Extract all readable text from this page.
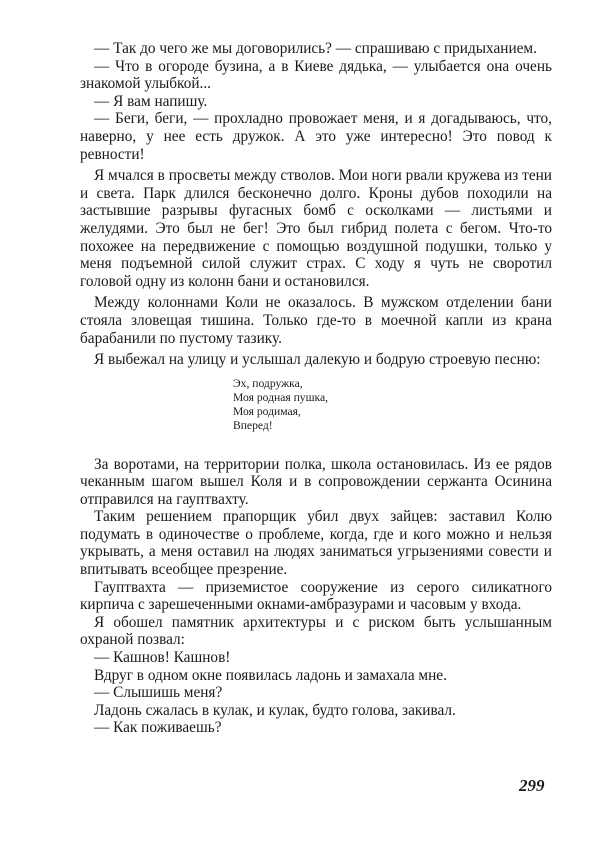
— Так до чего же мы договорились? — спрашиваю с придыханием.

— Что в огороде бузина, а в Киеве дядька, — улыбается она очень знакомой улыбкой...

— Я вам напишу.

— Беги, беги, — прохладно провожает меня, и я догадываюсь, что, наверно, у нее есть дружок. А это уже интересно! Это повод к ревности!

Я мчался в просветы между стволов. Мои ноги рвали кружева из тени и света. Парк длился бесконечно долго. Кроны дубов походили на застывшие разрывы фугасных бомб с осколками — листьями и желудями. Это был не бег! Это был гибрид полета с бегом. Что-то похожее на передвижение с помощью воздушной подушки, только у меня подъемной силой служит страх. С ходу я чуть не своротил головой одну из колонн бани и остановился.

Между колоннами Коли не оказалось. В мужском отделении бани стояла зловещая тишина. Только где-то в моечной капли из крана барабанили по пустому тазику.

Я выбежал на улицу и услышал далекую и бодрую строевую песню:

Эх, подружка,
Моя родная пушка,
Моя родимая,
Вперед!

За воротами, на территории полка, школа остановилась. Из ее рядов чеканным шагом вышел Коля и в сопровождении сержанта Осинина отправился на гауптвахту.

Таким решением прапорщик убил двух зайцев: заставил Колю подумать в одиночестве о проблеме, когда, где и кого можно и нельзя укрывать, а меня оставил на людях заниматься угрызениями совести и впитывать всеобщее презрение.

Гауптвахта — приземистое сооружение из серого силикатного кирпича с зарешеченными окнами-амбразурами и часовым у входа.

Я обошел памятник архитектуры и с риском быть услышанным охраной позвал:

— Кашнов! Кашнов!

Вдруг в одном окне появилась ладонь и замахала мне.

— Слышишь меня?

Ладонь сжалась в кулак, и кулак, будто голова, закивал.

— Как поживаешь?

299
